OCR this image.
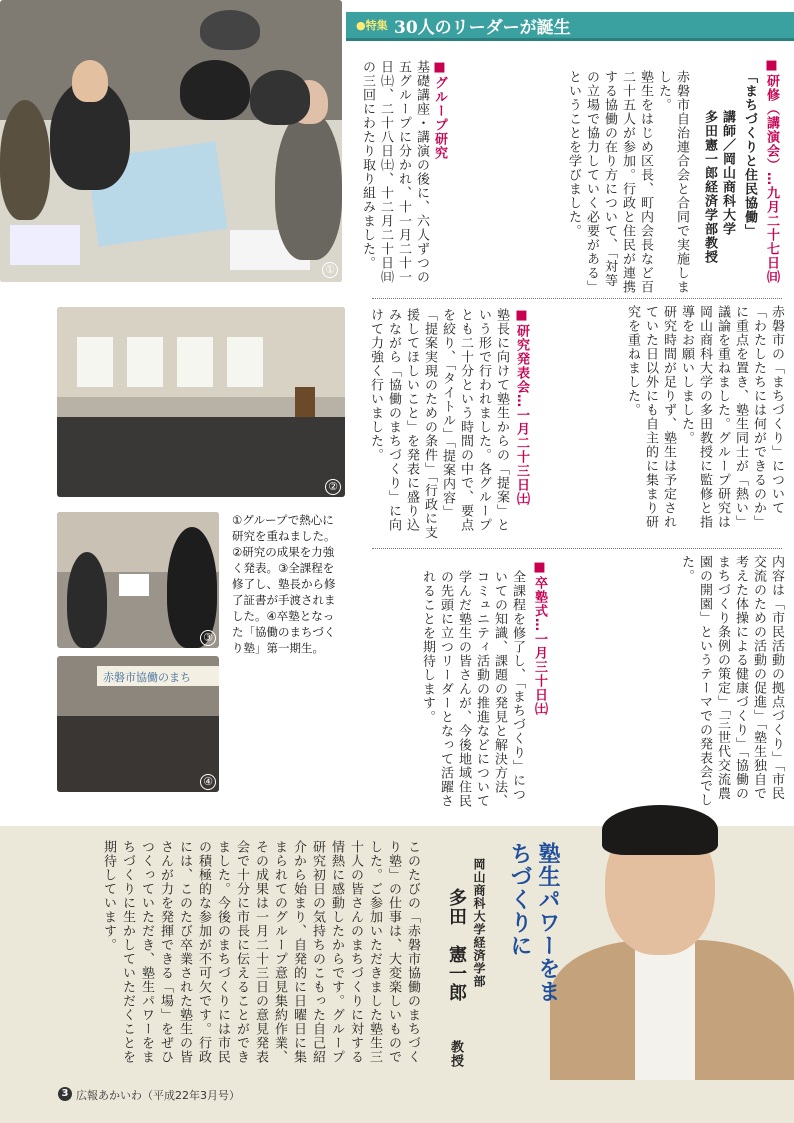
●特集 30人のリーダーが誕生
①	■研修（講演会）…九月二十七日㈰
「まちづくりと住民協働」
講師／岡山商科大学
多田憲一郎経済学部教授

赤磐市自治連合会と合同で実施しました。

塾生をはじめ区長、町内会長など百二十五人が参加。行政と住民が連携する協働の在り方について、「対等の立場で協力していく必要がある」ということを学びました。

■グループ研究

基礎講座・講演の後に、六人ずつの五グループに分かれ、十一月二十一日㈯、二十八日㈯、十二月二十日㈰の三回にわたり取り組みました。

赤磐市の「まちづくり」について「わたしたちには何ができるのか」に重点を置き、塾生同士が「熱い」議論を重ねました。グループ研究は岡山商科大学の多田教授に監修と指導をお願いしました。

研究時間が足りず、塾生は予定されていた日以外にも自主的に集まり研究を重ねました。

■研究発表会…一月二十三日㈯

塾長に向けて塾生からの「提案」という形で行われました。各グループとも二十分という時間の中で、要点を絞り、「タイトル」「提案内容」「提案実現のための条件」「行政に支援してほしいこと」を発表に盛り込みながら「協働のまちづくり」に向けて力強く行いました。

内容は「市民活動の拠点づくり」「市民交流のための活動の促進」「塾生独自で考えた体操による健康づくり」「協働のまちづくり条例の策定」「三世代交流農園の開園」というテーマでの発表会でした。

■卒塾式…一月三十日㈯

全課程を修了し、「まちづくり」についての知識、課題の発見と解決方法、コミュニティ活動の推進などについて学んだ塾生の皆さんが、今後地域住民の先頭に立つリーダーとなって活躍されることを期待します。

②
③
赤磐市協働のまち
④
①グループで熱心に研究を重ねました。②研究の成果を力強く発表。③全課程を修了し、塾長から修了証書が手渡されました。④卒塾となった「協働のまちづくり塾」第一期生。
塾生パワーをまちづくりに
岡山商科大学経済学部
多田　憲一郎
教授
このたびの「赤磐市協働のまちづくり塾」の仕事は、大変楽しいものでした。ご参加いただきました塾生三十人の皆さんのまちづくりに対する情熱に感動したからです。グループ研究初日の気持ちのこもった自己紹介から始まり、自発的に日曜日に集まられてのグループ意見集約作業、その成果は一月二十三日の意見発表会で十分に市長に伝えることができました。今後のまちづくりには市民の積極的な参加が不可欠です。行政には、このたび卒業された塾生の皆さんが力を発揮できる「場」をぜひつくっていただき、塾生パワーをまちづくりに生かしていただくことを期待しています。
3 広報あかいわ（平成22年3月号）
